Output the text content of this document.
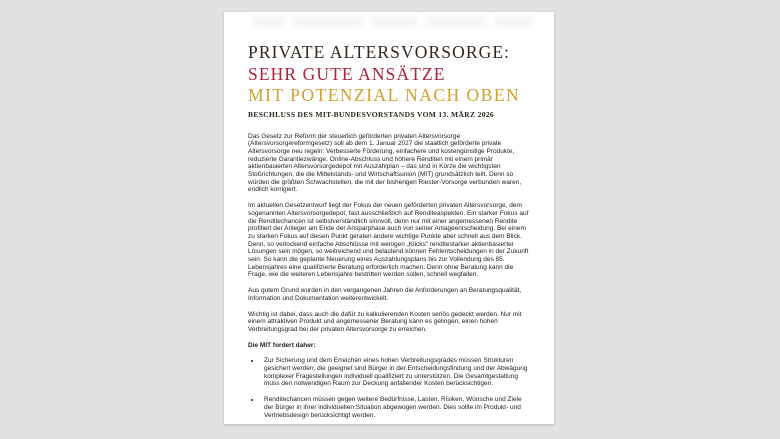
PRIVATE ALTERSVORSORGE:
SEHR GUTE ANSÄTZE
MIT POTENZIAL NACH OBEN
BESCHLUSS DES MIT-BUNDESVORSTANDS VOM 13. MÄRZ 2026

Das Gesetz zur Reform der steuerlich geförderten privaten Altersvorsorge (Altersvorsorgereformgesetz) soll ab dem 1. Januar 2027 die staatlich geförderte private Altersvorsorge neu regeln: Verbesserte Förderung, einfachere und kostengünstige Produkte, reduzierte Garantiezwänge, Online-Abschluss und höhere Renditen mit einem primär aktienbasierten Altersvorsorgedepot mit Auszahlplan – das sind in Kürze die wichtigsten Stoßrichtungen, die die Mittelstands- und Wirtschaftsunion (MIT) grundsätzlich teilt. Denn so würden die größten Schwachstellen, die mit der bisherigen Riester-Vorsorge verbunden waren, endlich korrigiert.

Im aktuellen Gesetzentwurf liegt der Fokus der neuen geförderten privaten Altersvorsorge, dem sogenannten Altersvorsorgedepot, fast ausschließlich auf Renditeaspekten. Ein starker Fokus auf die Renditechancen ist selbstverständlich sinnvoll, denn nur mit einer angemessenen Rendite profitiert der Anleger am Ende der Ansparphase auch von seiner Anlageentscheidung. Bei einem zu starken Fokus auf diesen Punkt geraten andere wichtige Punkte aber schnell aus dem Blick. Denn, so verlockend einfache Abschlüsse mit wenigen „Klicks“ renditestarker aktienbasierter Lösungen sein mögen, so weitreichend und belastend können Fehlentscheidungen in der Zukunft sein. So kann die geplante Neuerung eines Auszahlungsplans bis zur Vollendung des 85. Lebensjahres eine qualifizierte Beratung erforderlich machen. Denn ohne Beratung kann die Frage, wie die weiteren Lebensjahre bestritten werden sollen, schnell wegfallen.

Aus gutem Grund wurden in den vergangenen Jahren die Anforderungen an Beratungsqualität, Information und Dokumentation weiterentwickelt.

Wichtig ist dabei, dass auch die dafür zu kalkulierenden Kosten seriös gedeckt werden. Nur mit einem attraktiven Produkt und angemessener Beratung kann es gelingen, einen hohen Verbreitungsgrad bei der privaten Altersvorsorge zu erreichen.

Die MIT fordert daher:

• Zur Sicherung und dem Erreichen eines hohen Verbreitungsgrades müssen Strukturen gesichert werden, die geeignet sind Bürger in der Entscheidungsfindung und der Abwägung komplexer Fragestellungen individuell qualifiziert zu unterstützen. Die Gesamtgestaltung muss den notwendigen Raum zur Deckung anfallender Kosten berücksichtigen.
• Renditechancen müssen gegen weitere Bedürfnisse, Lasten, Risiken, Wünsche und Ziele der Bürger in ihrer individuellen Situation abgewogen werden. Dies sollte im Produkt- und Vertriebsdesign berücksichtigt werden.
